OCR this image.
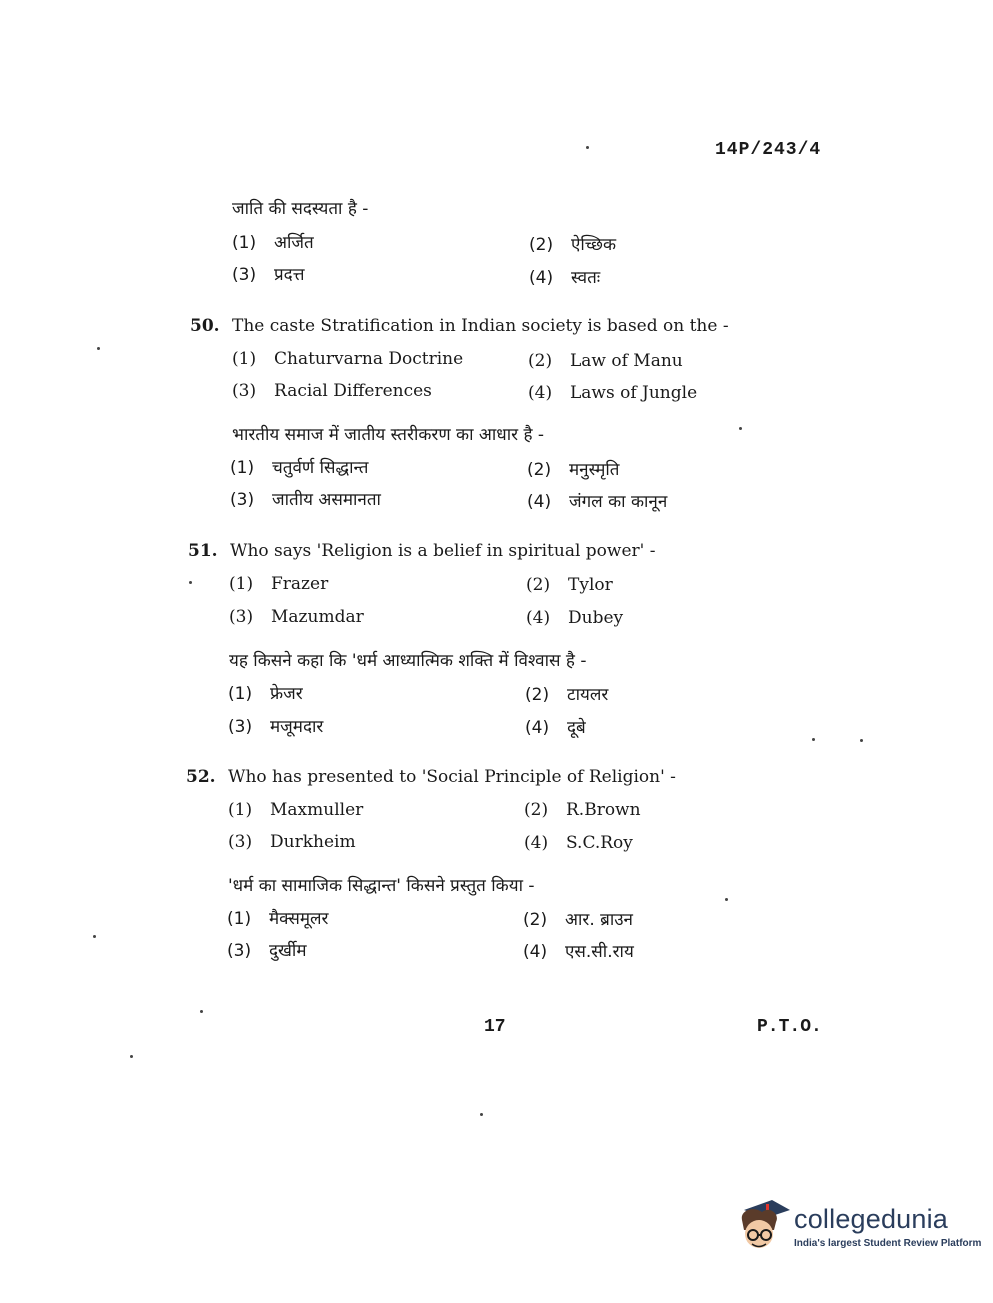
14P/243/4
जाति की सदस्यता है -
(1) अर्जित	(2) ऐच्छिक
(3) प्रदत्त	(4) स्वतः
50. The caste Stratification in Indian society is based on the -
(1) Chaturvarna Doctrine	(2) Law of Manu
(3) Racial Differences	(4) Laws of Jungle
भारतीय समाज में जातीय स्तरीकरण का आधार है -
(1) चतुर्वर्ण सिद्धान्त	(2) मनुस्मृति
(3) जातीय असमानता	(4) जंगल का कानून
51. Who says 'Religion is a belief in spiritual power' -
(1) Frazer	(2) Tylor
(3) Mazumdar	(4) Dubey
यह किसने कहा कि 'धर्म आध्यात्मिक शक्ति में विश्वास है -
(1) फ्रेजर	(2) टायलर
(3) मजूमदार	(4) दूबे
52. Who has presented to 'Social Principle of Religion' -
(1) Maxmuller	(2) R.Brown
(3) Durkheim	(4) S.C.Roy
'धर्म का सामाजिक सिद्धान्त' किसने प्रस्तुत किया -
(1) मैक्समूलर	(2) आर. ब्राउन
(3) दुर्खीम	(4) एस.सी.राय
17	P.T.O.
collegedunia
India's largest Student Review Platform
